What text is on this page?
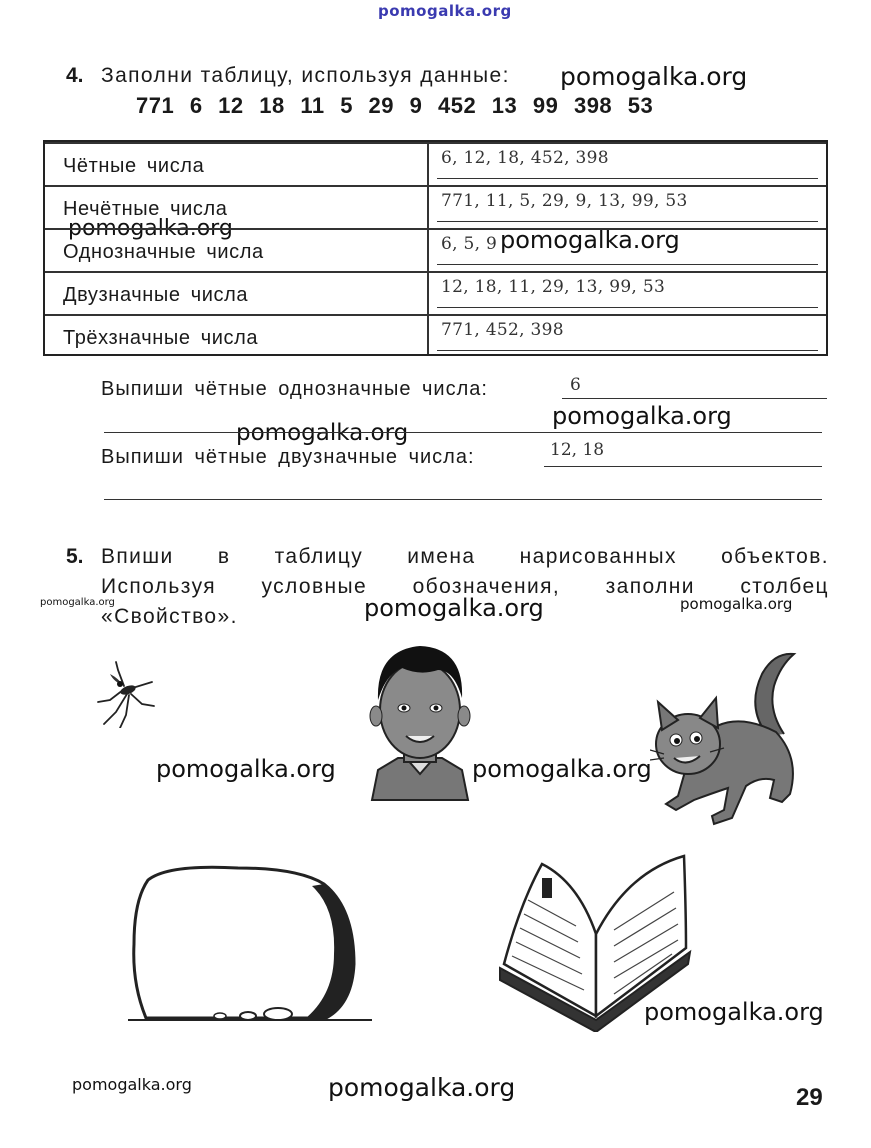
pomogalka.org
pomogalka.org
pomogalka.org	pomogalka.org
pomogalka.org
pomogalka.org
pomogalka.org	pomogalka.org	pomogalka.org
pomogalka.org	pomogalka.org
pomogalka.org
pomogalka.org	pomogalka.org
4. Заполни таблицу, используя данные:
771 6 12 18 11 5 29 9 452 13 99 398 53
Чётные числа	6, 12, 18, 452, 398
Нечётные числа	771, 11, 5, 29, 9, 13, 99, 53
Однозначные числа	6, 5, 9
Двузначные числа	12, 18, 11, 29, 13, 99, 53
Трёхзначные числа	771, 452, 398
Выпиши чётные однозначные числа:	6
Выпиши чётные двузначные числа:	12, 18
5. Впиши в таблицу имена нарисованных объектов.
Используя условные обозначения, заполни столбец
«Свойство».
29
